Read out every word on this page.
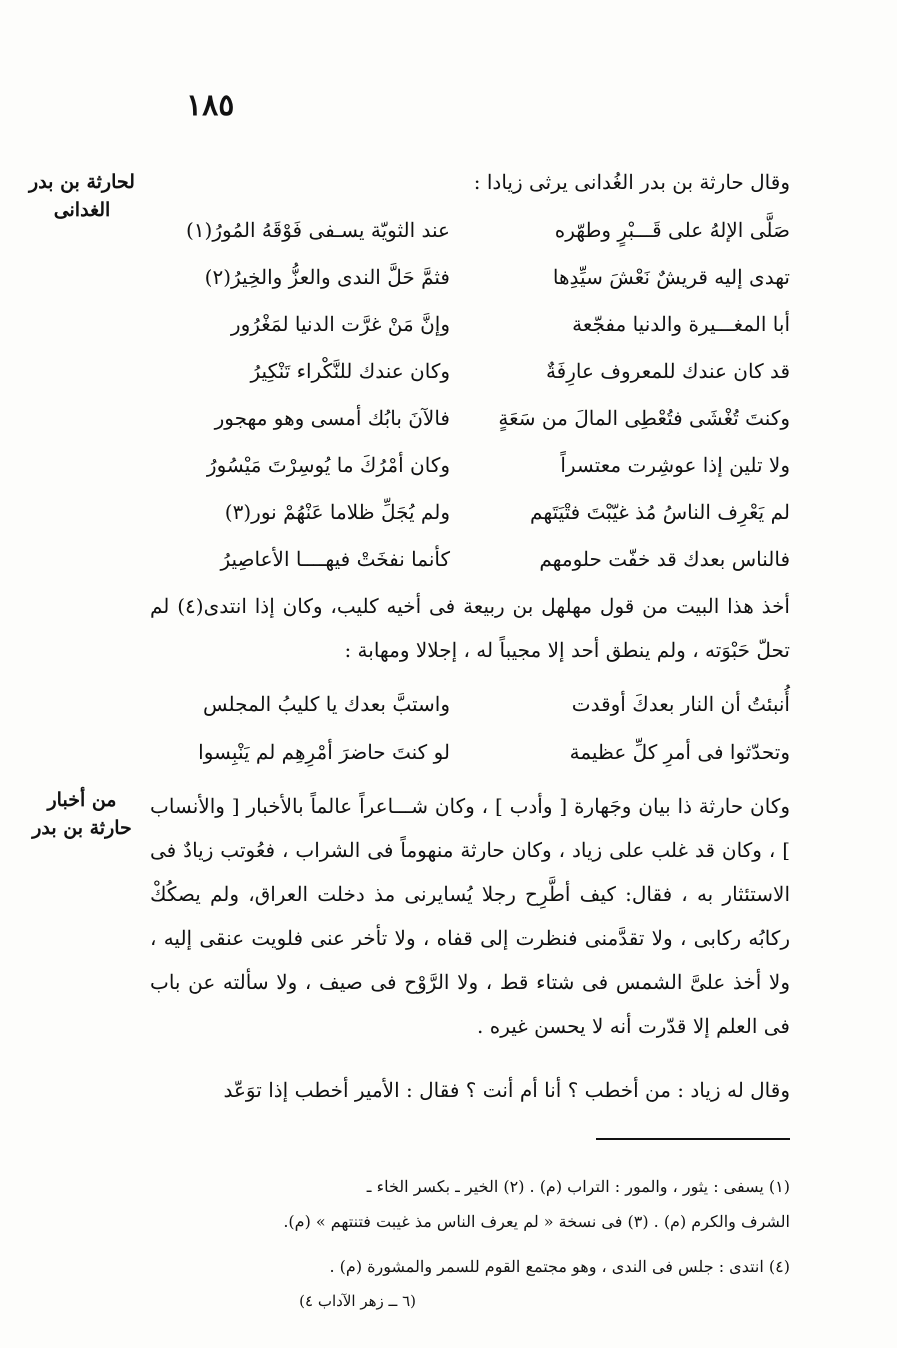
١٨٥
لحارثة بن بدر
الغدانى
من أخبار
حارثة بن بدر
وقال حارثة بن بدر الغُدانى يرثى زيادا :
صَلَّى الإلهُ على قَـــبْرٍ وطهّره
عند الثويّة يسـفى فَوْقَهُ المُورُ(١)
تهدى إليه قريشٌ نَعْشَ سيِّدِها
فثمَّ حَلَّ الندى والعزُّ والخِيرُ(٢)
أبا المغـــيرة والدنيا مفجّعة
وإنَّ مَنْ غرَّت الدنيا لمَغْرُور
قد كان عندك للمعروف عارِفَةٌ
وكان عندك للنَّكْراء تَنْكِيرُ
وكنتَ تُغْشَى فتُعْطِى المالَ من سَعَةٍ
فالآنَ بابُك أمسى وهو مهجور
ولا تلين إذا عوشِرت معتسراً
وكان أمْرُكَ ما يُوسِرْتَ مَيْسُورُ
لم يَعْرِف الناسُ مُذ غيّبْتَ فتْيَتَهم
ولم يُجَلِّ ظلاما عَنْهُمْ نور(٣)
فالناس بعدك قد خفّت حلومهم
كأنما نفخَتْ فيهــــا الأعاصِيرُ
أخذ هذا البيت من قول مهلهل بن ربيعة فى أخيه كليب، وكان إذا انتدى(٤) لم تحلّ حَبْوَته ، ولم ينطق أحد إلا مجيباً له ، إجلالا ومهابة :
أُنبئتُ أن النار بعدكَ أوقدت
واستبَّ بعدك يا كليبُ المجلس
وتحدّثوا فى أمرِ كلِّ عظيمة
لو كنتَ حاضرَ أمْرِهِم لم يَنْبِسوا
وكان حارثة ذا بيان وجَهارة [ وأدب ] ، وكان شـــاعراً عالماً بالأخبار [ والأنساب ] ، وكان قد غلب على زياد ، وكان حارثة منهوماً فى الشراب ، فعُوتب زيادٌ فى الاستئثار به ، فقال: كيف أطَّرِح رجلا يُسايرنى مذ دخلت العراق، ولم يصكُكْ ركابُه ركابى ، ولا تقدَّمنى فنظرت إلى قفاه ، ولا تأخر عنى فلويت عنقى إليه ، ولا أخذ علىَّ الشمس فى شتاء قط ، ولا الرَّوْح فى صيف ، ولا سألته عن باب فى العلم إلا قدّرت أنه لا يحسن غيره .
وقال له زياد : من أخطب ؟ أنا أم أنت ؟ فقال : الأمير أخطب إذا توَعّد
(١) يسفى : يثور ، والمور : التراب (م) . (٢) الخير ـ بكسر الخاء ـ
الشرف والكرم (م) . (٣) فى نسخة « لم يعرف الناس مذ غيبت فتنتهم » (م).
(٤) انتدى : جلس فى الندى ، وهو مجتمع القوم للسمر والمشورة (م) .
(٦ ــ زهر الآداب ٤)
